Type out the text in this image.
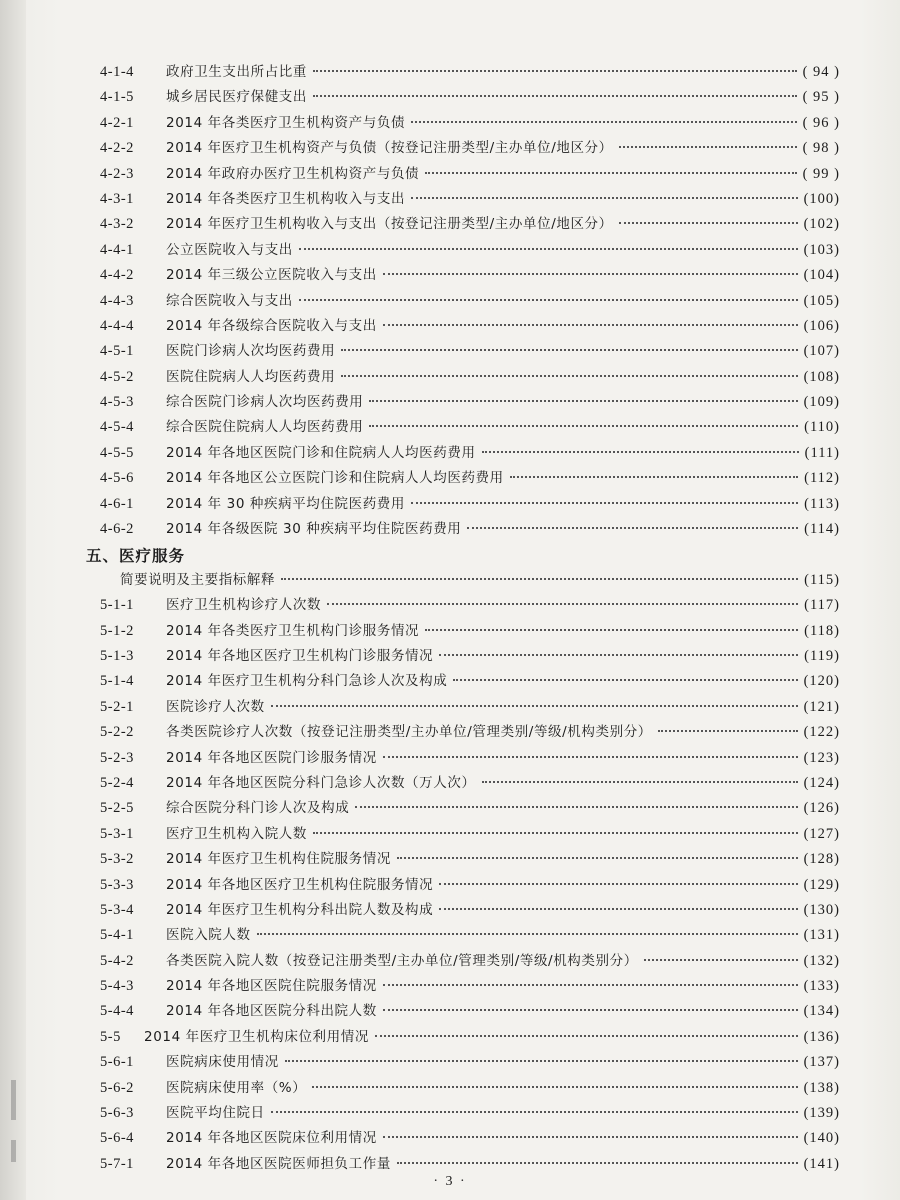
4-1-4	政府卫生支出所占比重	( 94 )
4-1-5	城乡居民医疗保健支出	( 95 )
4-2-1	2014 年各类医疗卫生机构资产与负债	( 96 )
4-2-2	2014 年医疗卫生机构资产与负债（按登记注册类型/主办单位/地区分）	( 98 )
4-2-3	2014 年政府办医疗卫生机构资产与负债	( 99 )
4-3-1	2014 年各类医疗卫生机构收入与支出	(100)
4-3-2	2014 年医疗卫生机构收入与支出（按登记注册类型/主办单位/地区分）	(102)
4-4-1	公立医院收入与支出	(103)
4-4-2	2014 年三级公立医院收入与支出	(104)
4-4-3	综合医院收入与支出	(105)
4-4-4	2014 年各级综合医院收入与支出	(106)
4-5-1	医院门诊病人次均医药费用	(107)
4-5-2	医院住院病人人均医药费用	(108)
4-5-3	综合医院门诊病人次均医药费用	(109)
4-5-4	综合医院住院病人人均医药费用	(110)
4-5-5	2014 年各地区医院门诊和住院病人人均医药费用	(111)
4-5-6	2014 年各地区公立医院门诊和住院病人人均医药费用	(112)
4-6-1	2014 年 30 种疾病平均住院医药费用	(113)
4-6-2	2014 年各级医院 30 种疾病平均住院医药费用	(114)
五、医疗服务
简要说明及主要指标解释	(115)
5-1-1	医疗卫生机构诊疗人次数	(117)
5-1-2	2014 年各类医疗卫生机构门诊服务情况	(118)
5-1-3	2014 年各地区医疗卫生机构门诊服务情况	(119)
5-1-4	2014 年医疗卫生机构分科门急诊人次及构成	(120)
5-2-1	医院诊疗人次数	(121)
5-2-2	各类医院诊疗人次数（按登记注册类型/主办单位/管理类别/等级/机构类别分）	(122)
5-2-3	2014 年各地区医院门诊服务情况	(123)
5-2-4	2014 年各地区医院分科门急诊人次数（万人次）	(124)
5-2-5	综合医院分科门诊人次及构成	(126)
5-3-1	医疗卫生机构入院人数	(127)
5-3-2	2014 年医疗卫生机构住院服务情况	(128)
5-3-3	2014 年各地区医疗卫生机构住院服务情况	(129)
5-3-4	2014 年医疗卫生机构分科出院人数及构成	(130)
5-4-1	医院入院人数	(131)
5-4-2	各类医院入院人数（按登记注册类型/主办单位/管理类别/等级/机构类别分）	(132)
5-4-3	2014 年各地区医院住院服务情况	(133)
5-4-4	2014 年各地区医院分科出院人数	(134)
5-5	2014 年医疗卫生机构床位利用情况	(136)
5-6-1	医院病床使用情况	(137)
5-6-2	医院病床使用率（%）	(138)
5-6-3	医院平均住院日	(139)
5-6-4	2014 年各地区医院床位利用情况	(140)
5-7-1	2014 年各地区医院医师担负工作量	(141)
· 3 ·
